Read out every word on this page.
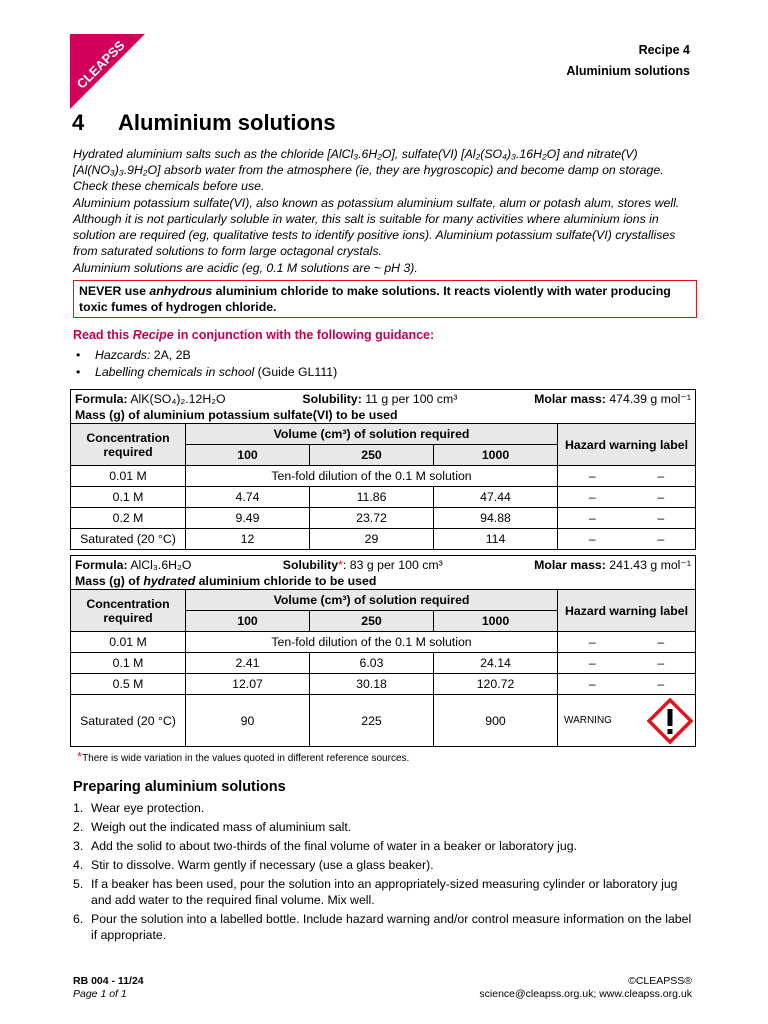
CLEAPSS	Recipe 4
Aluminium solutions
4 Aluminium solutions

Hydrated aluminium salts such as the chloride [AlCl₃.6H₂O], sulfate(VI) [Al₂(SO₄)₃.16H₂O] and nitrate(V) [Al(NO₃)₃.9H₂O] absorb water from the atmosphere (ie, they are hygroscopic) and become damp on storage. Check these chemicals before use.

Aluminium potassium sulfate(VI), also known as potassium aluminium sulfate, alum or potash alum, stores well. Although it is not particularly soluble in water, this salt is suitable for many activities where aluminium ions in solution are required (eg, qualitative tests to identify positive ions). Aluminium potassium sulfate(VI) crystallises from saturated solutions to form large octagonal crystals.

Aluminium solutions are acidic (eg, 0.1 M solutions are ~ pH 3).

NEVER use anhydrous aluminium chloride to make solutions. It reacts violently with water producing toxic fumes of hydrogen chloride.
Read this Recipe in conjunction with the following guidance:
• Hazcards: 2A, 2B
• Labelling chemicals in school (Guide GL111)
Formula: AlK(SO₄)₂.12H₂O Solubility: 11 g per 100 cm³ Molar mass: 474.39 g mol⁻¹					

Mass (g) of aluminium potassium sulfate(VI) to be used					
Concentration required	Volume (cm³) of solution required			Hazard warning label	
	100	250	1000		
0.01 M	Ten-fold dilution of the 0.1 M solution			–	–
0.1 M	4.74	11.86	47.44	–	–
0.2 M	9.49	23.72	94.88	–	–
Saturated (20 °C)	12	29	114	–	–
Formula: AlCl₃.6H₂O Solubility*: 83 g per 100 cm³ Molar mass: 241.43 g mol⁻¹					

Mass (g) of hydrated aluminium chloride to be used					
Concentration required	Volume (cm³) of solution required			Hazard warning label	
	100	250	1000		
0.01 M	Ten-fold dilution of the 0.1 M solution			–	–
0.1 M	2.41	6.03	24.14	–	–
0.5 M	12.07	30.18	120.72	–	–
Saturated (20 °C)	90	225	900	WARNING	
*There is wide variation in the values quoted in different reference sources.
Preparing aluminium solutions
1. Wear eye protection.
2. Weigh out the indicated mass of aluminium salt.
3. Add the solid to about two-thirds of the final volume of water in a beaker or laboratory jug.
4. Stir to dissolve. Warm gently if necessary (use a glass beaker).
5. If a beaker has been used, pour the solution into an appropriately-sized measuring cylinder or laboratory jug and add water to the required final volume. Mix well.
6. Pour the solution into a labelled bottle. Include hazard warning and/or control measure information on the label if appropriate.
RB 004 - 11/24
Page 1 of 1
©CLEAPSS®
science@cleapss.org.uk; www.cleapss.org.uk
